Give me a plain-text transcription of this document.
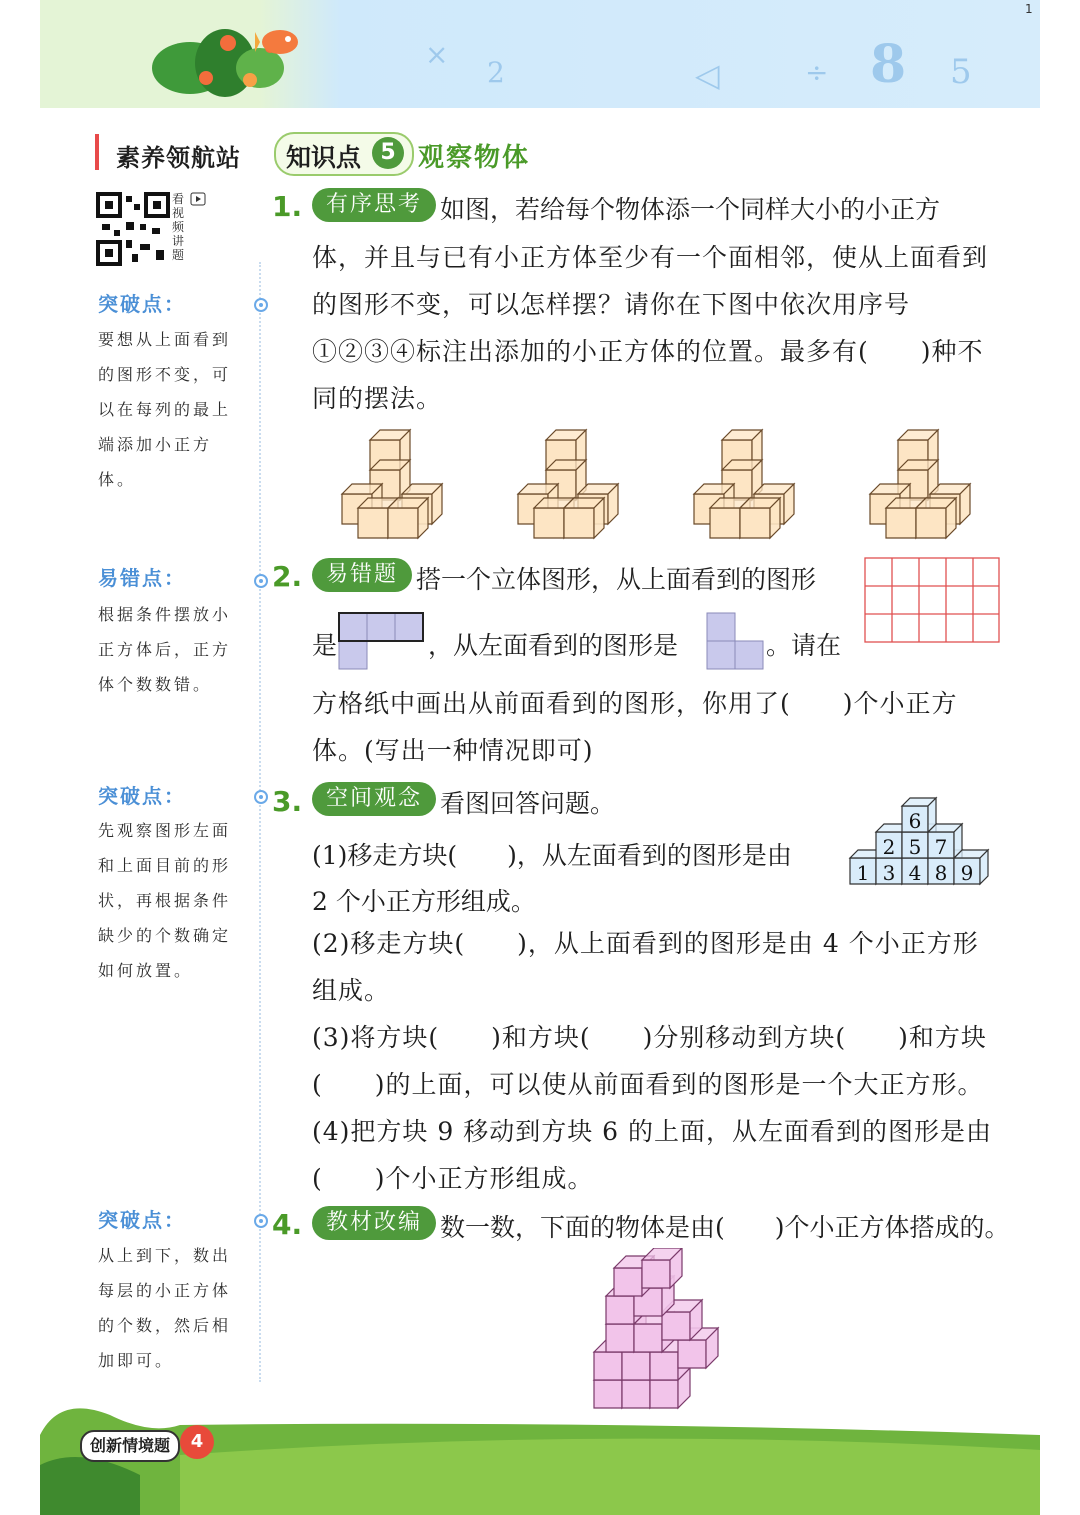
×
2	◁	÷ 8 5
1
素养领航站 知识点 5 观察物体
看视频讲题
突破点：
要想从上面看到的图形不变，可以在每列的最上端添加小正方体。
易错点：
根据条件摆放小正方体后，正方体个数数错。
突破点：
先观察图形左面和上面目前的形状，再根据条件缺少的个数确定如何放置。
突破点：
从上到下，数出每层的小正方体的个数，然后相加即可。
1.	有序思考 如图，若给每个物体添一个同样大小的小正方
体，并且与已有小正方体至少有一个面相邻，使从上面看到的图形不变，可以怎样摆？请你在下图中依次用序号①②③④标注出添加的小正方体的位置。最多有(　　)种不同的摆法。
2.	易错题 搭一个立体图形，从上面看到的图形
是	，从左面看到的图形是	。请在
方格纸中画出从前面看到的图形，你用了(　　)个小正方体。(写出一种情况即可)
3.	空间观念 看图回答问题。
1 3 4 8 9
2 5 7
6
(1)移走方块(　　)，从左面看到的图形是由
2 个小正方形组成。
(2)移走方块(　　)，从上面看到的图形是由 4 个小正方形组成。
(3)将方块(　　)和方块(　　)分别移动到方块(　　)和方块(　　)的上面，可以使从前面看到的图形是一个大正方形。
(4)把方块 9 移动到方块 6 的上面，从左面看到的图形是由(　　)个小正方形组成。
4.	教材改编 数一数，下面的物体是由(　　)个小正方体搭成的。
创新情境题	4
